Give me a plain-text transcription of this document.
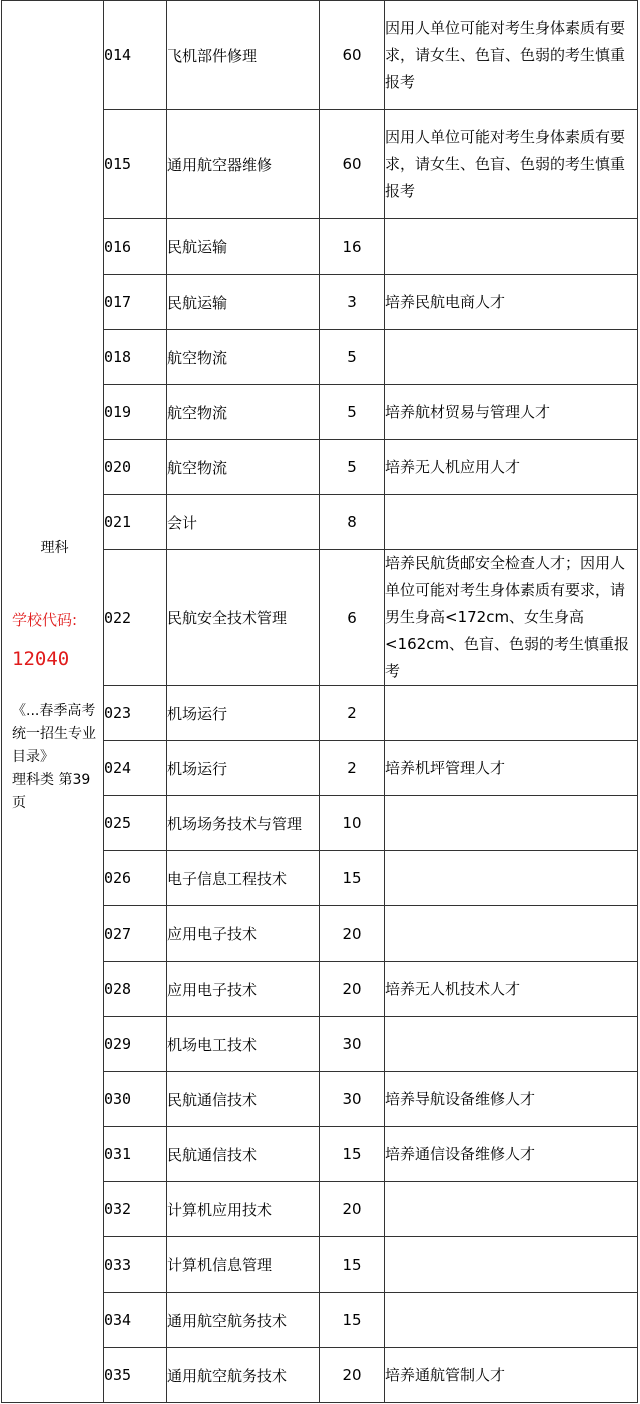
理科
学校代码:
12040
《...春季高考统一招生专业目录》
理科类 第39页	014	飞机部件修理	60	因用人单位可能对考生身体素质有要求，请女生、色盲、色弱的考生慎重报考
	015	通用航空器维修	60	因用人单位可能对考生身体素质有要求，请女生、色盲、色弱的考生慎重报考
	016	民航运输	16	
	017	民航运输	3	培养民航电商人才
	018	航空物流	5	
	019	航空物流	5	培养航材贸易与管理人才
	020	航空物流	5	培养无人机应用人才
	021	会计	8	
	022	民航安全技术管理	6	培养民航货邮安全检查人才；因用人单位可能对考生身体素质有要求，请男生身高<172cm、女生身高<162cm、色盲、色弱的考生慎重报考
	023	机场运行	2	
	024	机场运行	2	培养机坪管理人才
	025	机场场务技术与管理	10	
	026	电子信息工程技术	15	
	027	应用电子技术	20	
	028	应用电子技术	20	培养无人机技术人才
	029	机场电工技术	30	
	030	民航通信技术	30	培养导航设备维修人才
	031	民航通信技术	15	培养通信设备维修人才
	032	计算机应用技术	20	
	033	计算机信息管理	15	
	034	通用航空航务技术	15	
	035	通用航空航务技术	20	培养通航管制人才
